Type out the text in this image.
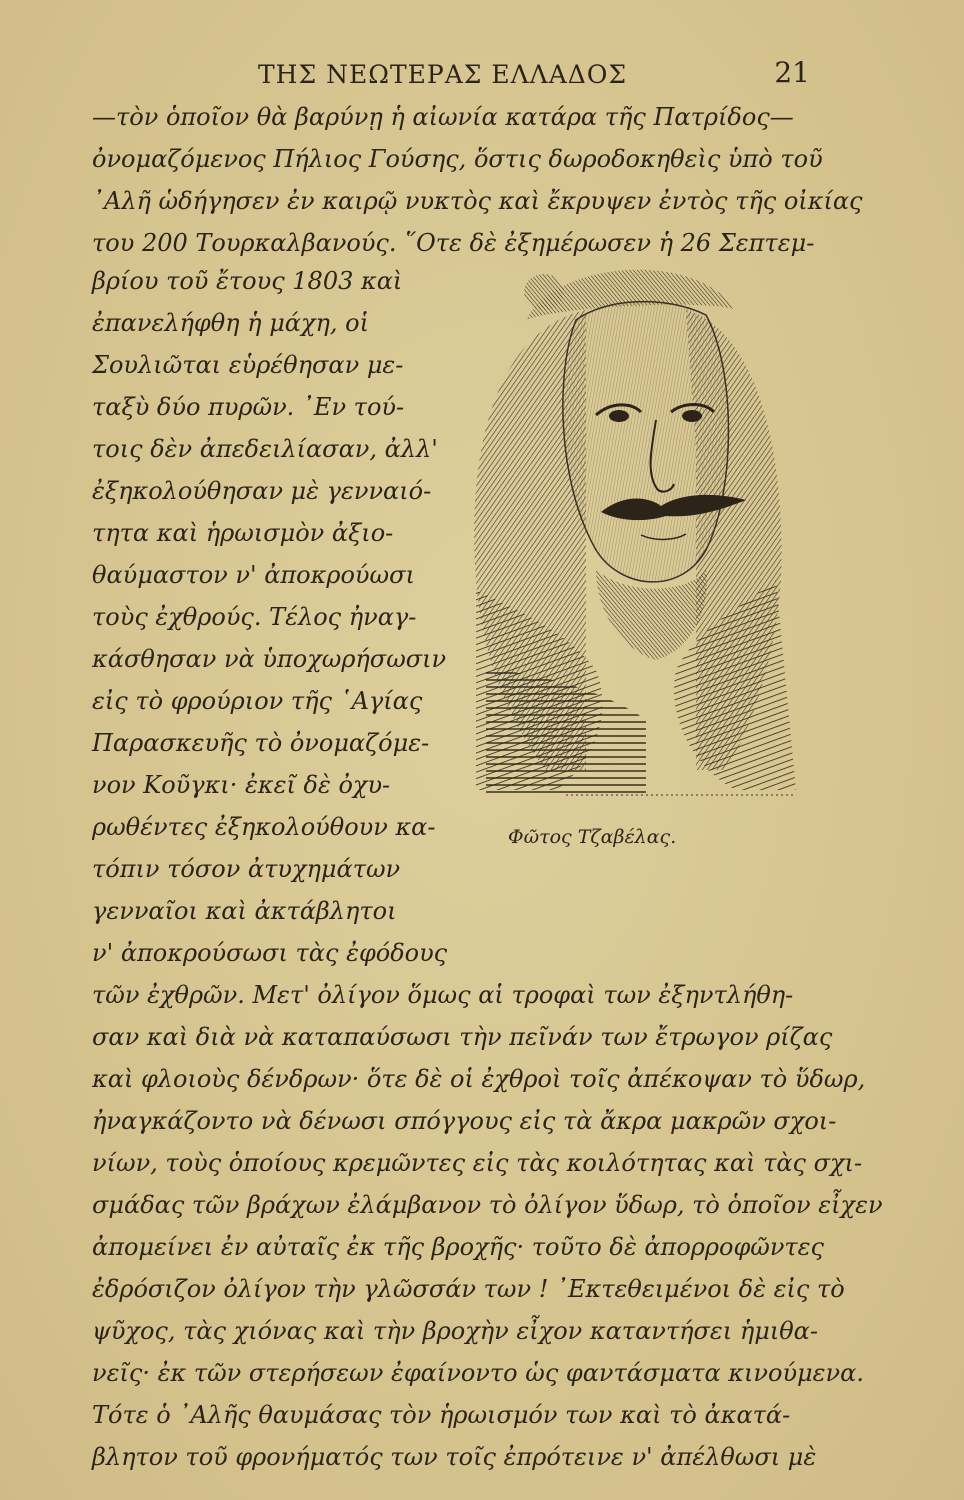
ΤΗΣ ΝΕΩΤΕΡΑΣ ΕΛΛΑΔΟΣ	21
—τὸν ὁποῖον θὰ βαρύνῃ ἡ αἰωνία κατάρα τῆς Πατρίδος—
ὀνομαζόμενος Πήλιος Γούσης, ὅστις δωροδοκηθεὶς ὑπὸ τοῦ
᾿Αλῆ ὡδήγησεν ἐν καιρῷ νυκτὸς καὶ ἔκρυψεν ἐντὸς τῆς οἰκίας
του 200 Τουρκαλβανούς. ῞Οτε δὲ ἐξημέρωσεν ἡ 26 Σεπτεμ-
βρίου τοῦ ἔτους 1803 καὶ
ἐπανελήφθη ἡ μάχη, οἱ
Σουλιῶται εὑρέθησαν με-
ταξὺ δύο πυρῶν. ᾿Εν τού-
τοις δὲν ἀπεδειλίασαν, ἀλλ'
ἐξηκολούθησαν μὲ γενναιό-
τητα καὶ ἡρωισμὸν ἀξιο-
θαύμαστον ν' ἀποκρούωσι
τοὺς ἐχθρούς. Τέλος ἠναγ-
κάσθησαν νὰ ὑποχωρήσωσιν
εἰς τὸ φρούριον τῆς ῾Αγίας
Παρασκευῆς τὸ ὀνομαζόμε-
νον Κοῦγκι· ἐκεῖ δὲ ὀχυ-
ρωθέντες ἐξηκολούθουν κα-
τόπιν τόσον ἀτυχημάτων
γενναῖοι καὶ ἀκτάβλητοι
ν' ἀποκρούσωσι τὰς ἐφόδους
τῶν ἐχθρῶν. Μετ' ὀλίγον ὅμως αἱ τροφαὶ των ἐξηντλήθη-
σαν καὶ διὰ νὰ καταπαύσωσι τὴν πεῖνάν των ἔτρωγον ρίζας
καὶ φλοιοὺς δένδρων· ὅτε δὲ οἱ ἐχθροὶ τοῖς ἀπέκοψαν τὸ ὕδωρ,
ἠναγκάζοντο νὰ δένωσι σπόγγους εἰς τὰ ἄκρα μακρῶν σχοι-
νίων, τοὺς ὁποίους κρεμῶντες εἰς τὰς κοιλότητας καὶ τὰς σχι-
σμάδας τῶν βράχων ἐλάμβανον τὸ ὀλίγον ὕδωρ, τὸ ὁποῖον εἶχεν
ἀπομείνει ἐν αὐταῖς ἐκ τῆς βροχῆς· τοῦτο δὲ ἀπορροφῶντες
ἐδρόσιζον ὀλίγον τὴν γλῶσσάν των ! ᾿Εκτεθειμένοι δὲ εἰς τὸ
ψῦχος, τὰς χιόνας καὶ τὴν βροχὴν εἶχον καταντήσει ἡμιθα-
νεῖς· ἐκ τῶν στερήσεων ἐφαίνοντο ὡς φαντάσματα κινούμενα.
Τότε ὁ ᾿Αλῆς θαυμάσας τὸν ἡρωισμόν των καὶ τὸ ἀκατά-
βλητον τοῦ φρονήματός των τοῖς ἐπρότεινε ν' ἀπέλθωσι μὲ
Φῶτος Τζαβέλας.
